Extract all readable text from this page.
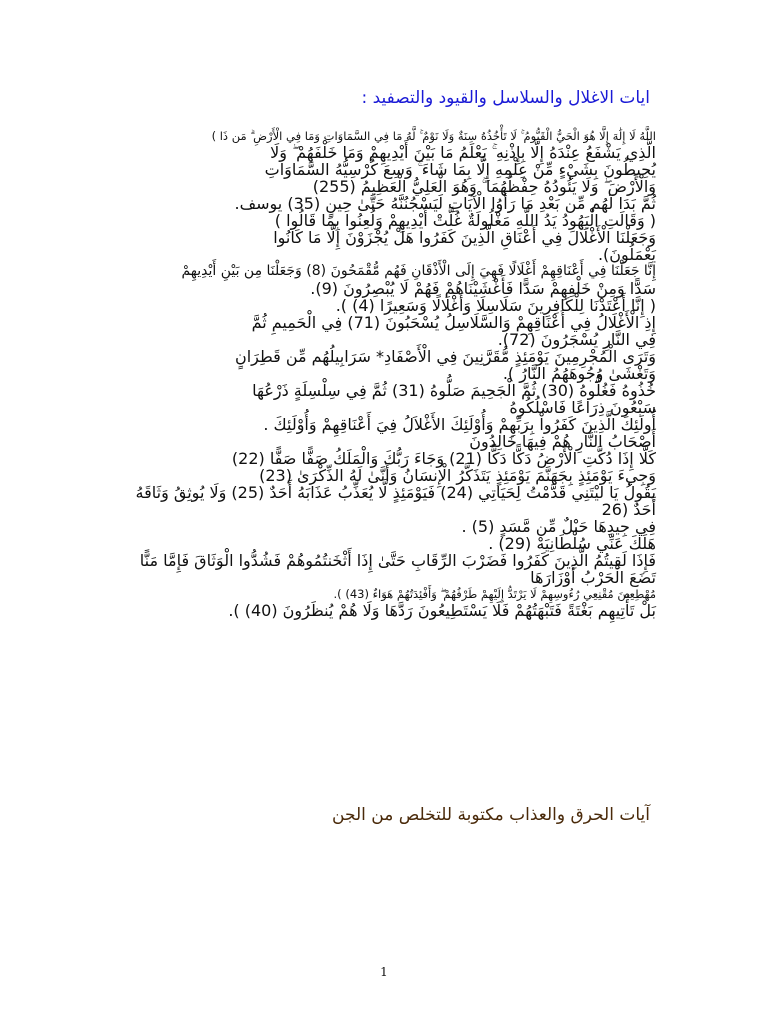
ايات الاغلال والسلاسل والقيود والتصفيد :

اللَّهُ لَا إِلَٰهَ إِلَّا هُوَ الْحَيُّ الْقَيُّومُ ۚ لَا تَأْخُذُهُ سِنَةٌ وَلَا نَوْمٌ ۚ لَّهُ مَا فِي السَّمَاوَاتِ وَمَا فِي الْأَرْضِ ۗ مَن ذَا )

الَّذِي يَشْفَعُ عِنْدَهُ إِلَّا بِإِذْنِهِ ۚ يَعْلَمُ مَا بَيْنَ أَيْدِيهِمْ وَمَا خَلْفَهُمْ ۖ وَلَا

يُحِيطُونَ بِشَيْءٍ مِّنْ عِلْمِهِ إِلَّا بِمَا شَاءَ ۚ وَسِعَ كُرْسِيُّهُ السَّمَاوَاتِ

وَالْأَرْضَ ۖ وَلَا يَئُودُهُ حِفْظُهُمَا ۚ وَهُوَ الْعَلِيُّ الْعَظِيمُ (255)

ثُمَّ بَدَا لَهُم مِّن بَعْدِ مَا رَأَوُا الْآيَاتِ لَيَسْجُنُنَّهُ حَتَّىٰ حِينٍ (35) يوسف.

( وَقَالَتِ الْيَهُودُ يَدُ اللَّهِ مَغْلُولَةٌ غُلَّتْ أَيْدِيهِمْ وَلُعِنُوا بِمَا قَالُوا )

وَجَعَلْنَا الْأَغْلَالَ فِي أَعْنَاقِ الَّذِينَ كَفَرُوا هَلْ يُجْزَوْنَ إِلَّا مَا كَانُوا

يَعْمَلُونَ).

إِنَّا جَعَلْنَا فِي أَعْنَاقِهِمْ أَغْلَالًا فَهِيَ إِلَى الْأَذْقَانِ فَهُم مُّقْمَحُونَ (8) وَجَعَلْنَا مِن بَيْنِ أَيْدِيهِمْ

سَدًّا وَمِنْ خَلْفِهِمْ سَدًّا فَأَغْشَيْنَاهُمْ فَهُمْ لَا يُبْصِرُونَ (9).

( إِنَّا أَعْتَدْنَا لِلْكَافِرِينَ سَلَاسِلَا وَأَغْلَالًا وَسَعِيرًا (4) ).

إِذِ الْأَغْلَالُ فِي أَعْنَاقِهِمْ وَالسَّلَاسِلُ يُسْحَبُونَ (71) فِي الْحَمِيمِ ثُمَّ

فِي النَّارِ يُسْجَرُونَ (72).

وَتَرَى الْمُجْرِمِينَ يَوْمَئِذٍ مُّقَرَّنِينَ فِي الْأَصْفَادِ* سَرَابِيلُهُم مِّن قَطِرَانٍ

وَتَغْشَىٰ وُجُوهَهُمُ النَّارُ ).

خُذُوهُ فَغُلُّوهُ (30) ثُمَّ الْجَحِيمَ صَلُّوهُ (31) ثُمَّ فِي سِلْسِلَةٍ ذَرْعُهَا

سَبْعُونَ ذِرَاعًا فَاسْلُكُوهُ

أُولَئِكَ الَّذِينَ كَفَرُواْ بِرَبِّهِمْ وَأُوْلَئِكَ الأَغْلاَلُ فِيَ أَعْنَاقِهِمْ وَأُوْلَئِكَ .

أَصْحَابُ النَّارِ هُمْ فِيهَا خَالِدُونَ

كَلَّا إِذَا دُكَّتِ الْأَرْضُ دَكًّا دَكًّا (21) وَجَاءَ رَبُّكَ وَالْمَلَكُ صَفًّا صَفًّا (22)

وَجِيءَ يَوْمَئِذٍ بِجَهَنَّمَ يَوْمَئِذٍ يَتَذَكَّرُ الْإِنسَانُ وَأَنَّىٰ لَهُ الذِّكْرَىٰ (23)

يَقُولُ يَا لَيْتَنِي قَدَّمْتُ لِحَيَاتِي (24) فَيَوْمَئِذٍ لَّا يُعَذِّبُ عَذَابَهُ أَحَدٌ (25) وَلَا يُوثِقُ وَثَاقَهُ

أَحَدٌ (26

فِي جِيدِهَا حَبْلٌ مِّن مَّسَدٍ (5) .

هَلَكَ عَنِّي سُلْطَانِيَهْ (29) .

فَإِذَا لَقِيتُمُ الَّذِينَ كَفَرُوا فَضَرْبَ الرِّقَابِ حَتَّىٰ إِذَا أَثْخَنتُمُوهُمْ فَشُدُّوا الْوَثَاقَ فَإِمَّا مَنًّا

تَضَعَ الْحَرْبُ أَوْزَارَهَا

مُهْطِعِينَ مُقْنِعِي رُءُوسِهِمْ لَا يَرْتَدُّ إِلَيْهِمْ طَرْفُهُمْ ۖ وَأَفْئِدَتُهُمْ هَوَاءٌ (43) ).

بَلْ تَأْتِيهِم بَغْتَةً فَتَبْهَتُهُمْ فَلَا يَسْتَطِيعُونَ رَدَّهَا وَلَا هُمْ يُنظَرُونَ (40) ).

آيات الحرق والعذاب مكتوبة للتخلص من الجن
1
